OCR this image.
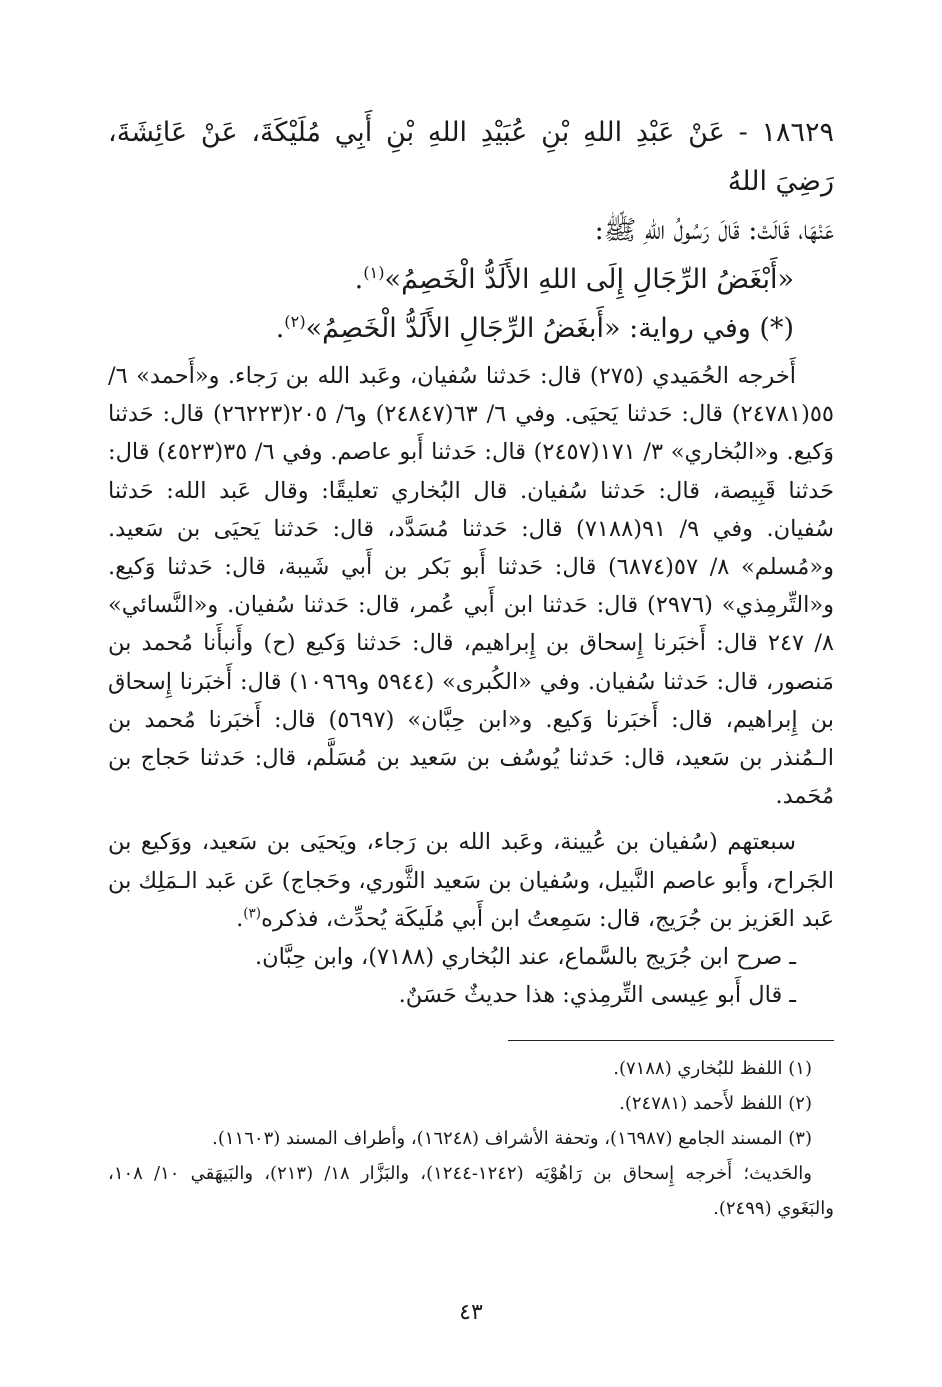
١٨٦٢٩ - عَنْ عَبْدِ اللهِ بْنِ عُبَيْدِ اللهِ بْنِ أَبِي مُلَيْكَةَ، عَنْ عَائِشَةَ، رَضِيَ اللهُ
عَنْهَا، قَالَتْ: قَالَ رَسُولُ اللهِ ﷺ:
«أَبْغَضُ الرِّجَالِ إِلَى اللهِ الأَلَدُّ الْخَصِمُ»$^{(١)}$.
(*) وفي رواية: «أَبغَضُ الرِّجَالِ الأَلَدُّ الْخَصِمُ»$^{(٢)}$.

أَخرجه الحُمَيدي (٢٧٥) قال: حَدثنا سُفيان، وعَبد الله بن رَجاء. و«أَحمد» ٦/ ٥٥(٢٤٧٨١) قال: حَدثنا يَحيَى. وفي ٦/ ٦٣(٢٤٨٤٧) و٦/ ٢٠٥(٢٦٢٢٣) قال: حَدثنا وَكيع. و«البُخاري» ٣/ ١٧١(٢٤٥٧) قال: حَدثنا أَبو عاصم. وفي ٦/ ٣٥(٤٥٢٣) قال: حَدثنا قَبِيصة، قال: حَدثنا سُفيان. قال البُخاري تعليقًا: وقال عَبد الله: حَدثنا سُفيان. وفي ٩/ ٩١(٧١٨٨) قال: حَدثنا مُسَدَّد، قال: حَدثنا يَحيَى بن سَعيد. و«مُسلم» ٨/ ٥٧(٦٨٧٤) قال: حَدثنا أَبو بَكر بن أَبي شَيبة، قال: حَدثنا وَكيع. و«التِّرمِذي» (٢٩٧٦) قال: حَدثنا ابن أَبي عُمر، قال: حَدثنا سُفيان. و«النَّسائي» ٨/ ٢٤٧ قال: أَخبَرنا إِسحاق بن إِبراهيم، قال: حَدثنا وَكيع (ح) وأَنبأَنا مُحمد بن مَنصور، قال: حَدثنا سُفيان. وفي «الكُبرى» (٥٩٤٤ و١٠٩٦٩) قال: أَخبَرنا إِسحاق بن إِبراهيم، قال: أَخبَرنا وَكيع. و«ابن حِبَّان» (٥٦٩٧) قال: أَخبَرنا مُحمد بن الـمُنذر بن سَعيد، قال: حَدثنا يُوسُف بن سَعيد بن مُسَلَّم، قال: حَدثنا حَجاج بن مُحَمد.

سبعتهم (سُفيان بن عُيينة، وعَبد الله بن رَجاء، ويَحيَى بن سَعيد، ووَكيع بن الجَراح، وأَبو عاصم النَّبيل، وسُفيان بن سَعيد الثَّوري، وحَجاج) عَن عَبد الـمَلِك بن عَبد العَزيز بن جُرَيج، قال: سَمِعتُ ابن أَبي مُلَيكَة يُحدِّث، فذكره$^{(٣)}$.

ـ صرح ابن جُرَيج بالسَّماع، عند البُخاري (٧١٨٨)، وابن حِبَّان.

ـ قال أَبو عِيسى التِّرمِذي: هذا حديثٌ حَسَنٌ.

(١) اللفظ للبُخاري (٧١٨٨).

(٢) اللفظ لأَحمد (٢٤٧٨١).

(٣) المسند الجامع (١٦٩٨٧)، وتحفة الأشراف (١٦٢٤٨)، وأطراف المسند (١١٦٠٣).

والحَديث؛ أَخرجه إِسحاق بن رَاهُوْيَه (١٢٤٢-١٢٤٤)، والبَزَّار ١٨/ (٢١٣)، والبَيهَقي ١٠/ ١٠٨، والبَغَوي (٢٤٩٩).

٤٣
